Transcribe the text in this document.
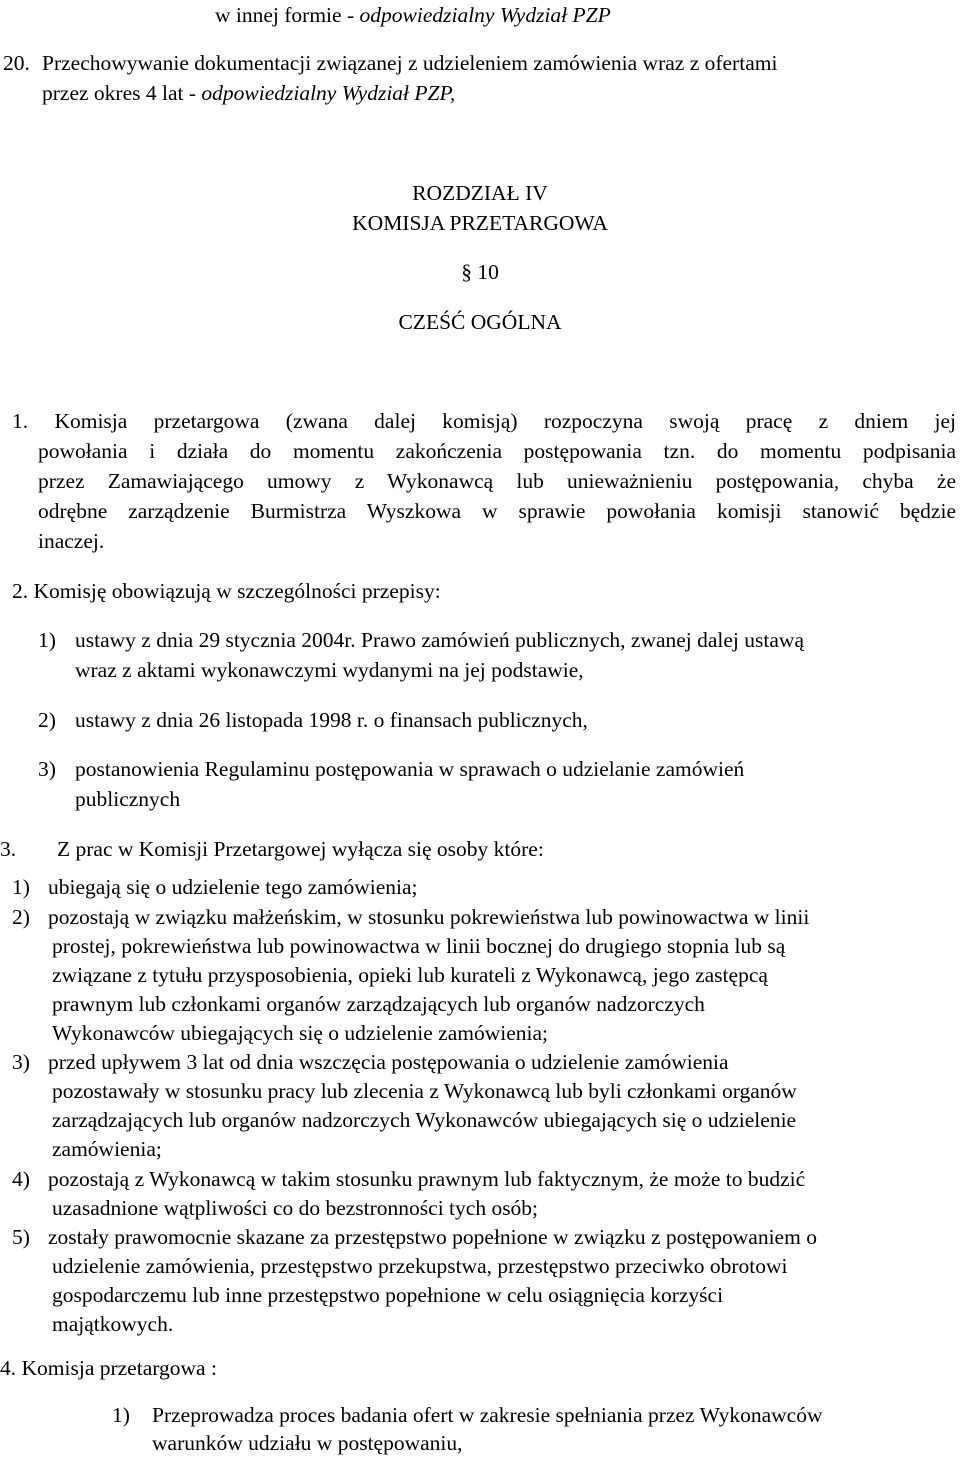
w innej formie - odpowiedzialny Wydział PZP
20. Przechowywanie dokumentacji związanej z udzieleniem zamówienia wraz z ofertami
przez okres 4 lat - odpowiedzialny Wydział PZP,
ROZDZIAŁ IV
KOMISJA PRZETARGOWA
§ 10
CZEŚĆ OGÓLNA
1. Komisja przetargowa (zwana dalej komisją) rozpoczyna swoją pracę z dniem jej
powołania i działa do momentu zakończenia postępowania tzn. do momentu podpisania
przez Zamawiającego umowy z Wykonawcą lub unieważnieniu postępowania, chyba że
odrębne zarządzenie Burmistrza Wyszkowa w sprawie powołania komisji stanowić będzie
inaczej.
2. Komisję obowiązują w szczególności przepisy:
1) ustawy z dnia 29 stycznia 2004r. Prawo zamówień publicznych, zwanej dalej ustawą
wraz z aktami wykonawczymi wydanymi na jej podstawie,
2) ustawy z dnia 26 listopada 1998 r. o finansach publicznych,
3) postanowienia Regulaminu postępowania w sprawach o udzielanie zamówień
publicznych
3. Z prac w Komisji Przetargowej wyłącza się osoby które:
1) ubiegają się o udzielenie tego zamówienia;
2) pozostają w związku małżeńskim, w stosunku pokrewieństwa lub powinowactwa w linii
prostej, pokrewieństwa lub powinowactwa w linii bocznej do drugiego stopnia lub są
związane z tytułu przysposobienia, opieki lub kurateli z Wykonawcą, jego zastępcą
prawnym lub członkami organów zarządzających lub organów nadzorczych
Wykonawców ubiegających się o udzielenie zamówienia;
3) przed upływem 3 lat od dnia wszczęcia postępowania o udzielenie zamówienia
pozostawały w stosunku pracy lub zlecenia z Wykonawcą lub byli członkami organów
zarządzających lub organów nadzorczych Wykonawców ubiegających się o udzielenie
zamówienia;
4) pozostają z Wykonawcą w takim stosunku prawnym lub faktycznym, że może to budzić
uzasadnione wątpliwości co do bezstronności tych osób;
5) zostały prawomocnie skazane za przestępstwo popełnione w związku z postępowaniem o
udzielenie zamówienia, przestępstwo przekupstwa, przestępstwo przeciwko obrotowi
gospodarczemu lub inne przestępstwo popełnione w celu osiągnięcia korzyści
majątkowych.
4. Komisja przetargowa :
1) Przeprowadza proces badania ofert w zakresie spełniania przez Wykonawców
warunków udziału w postępowaniu,
